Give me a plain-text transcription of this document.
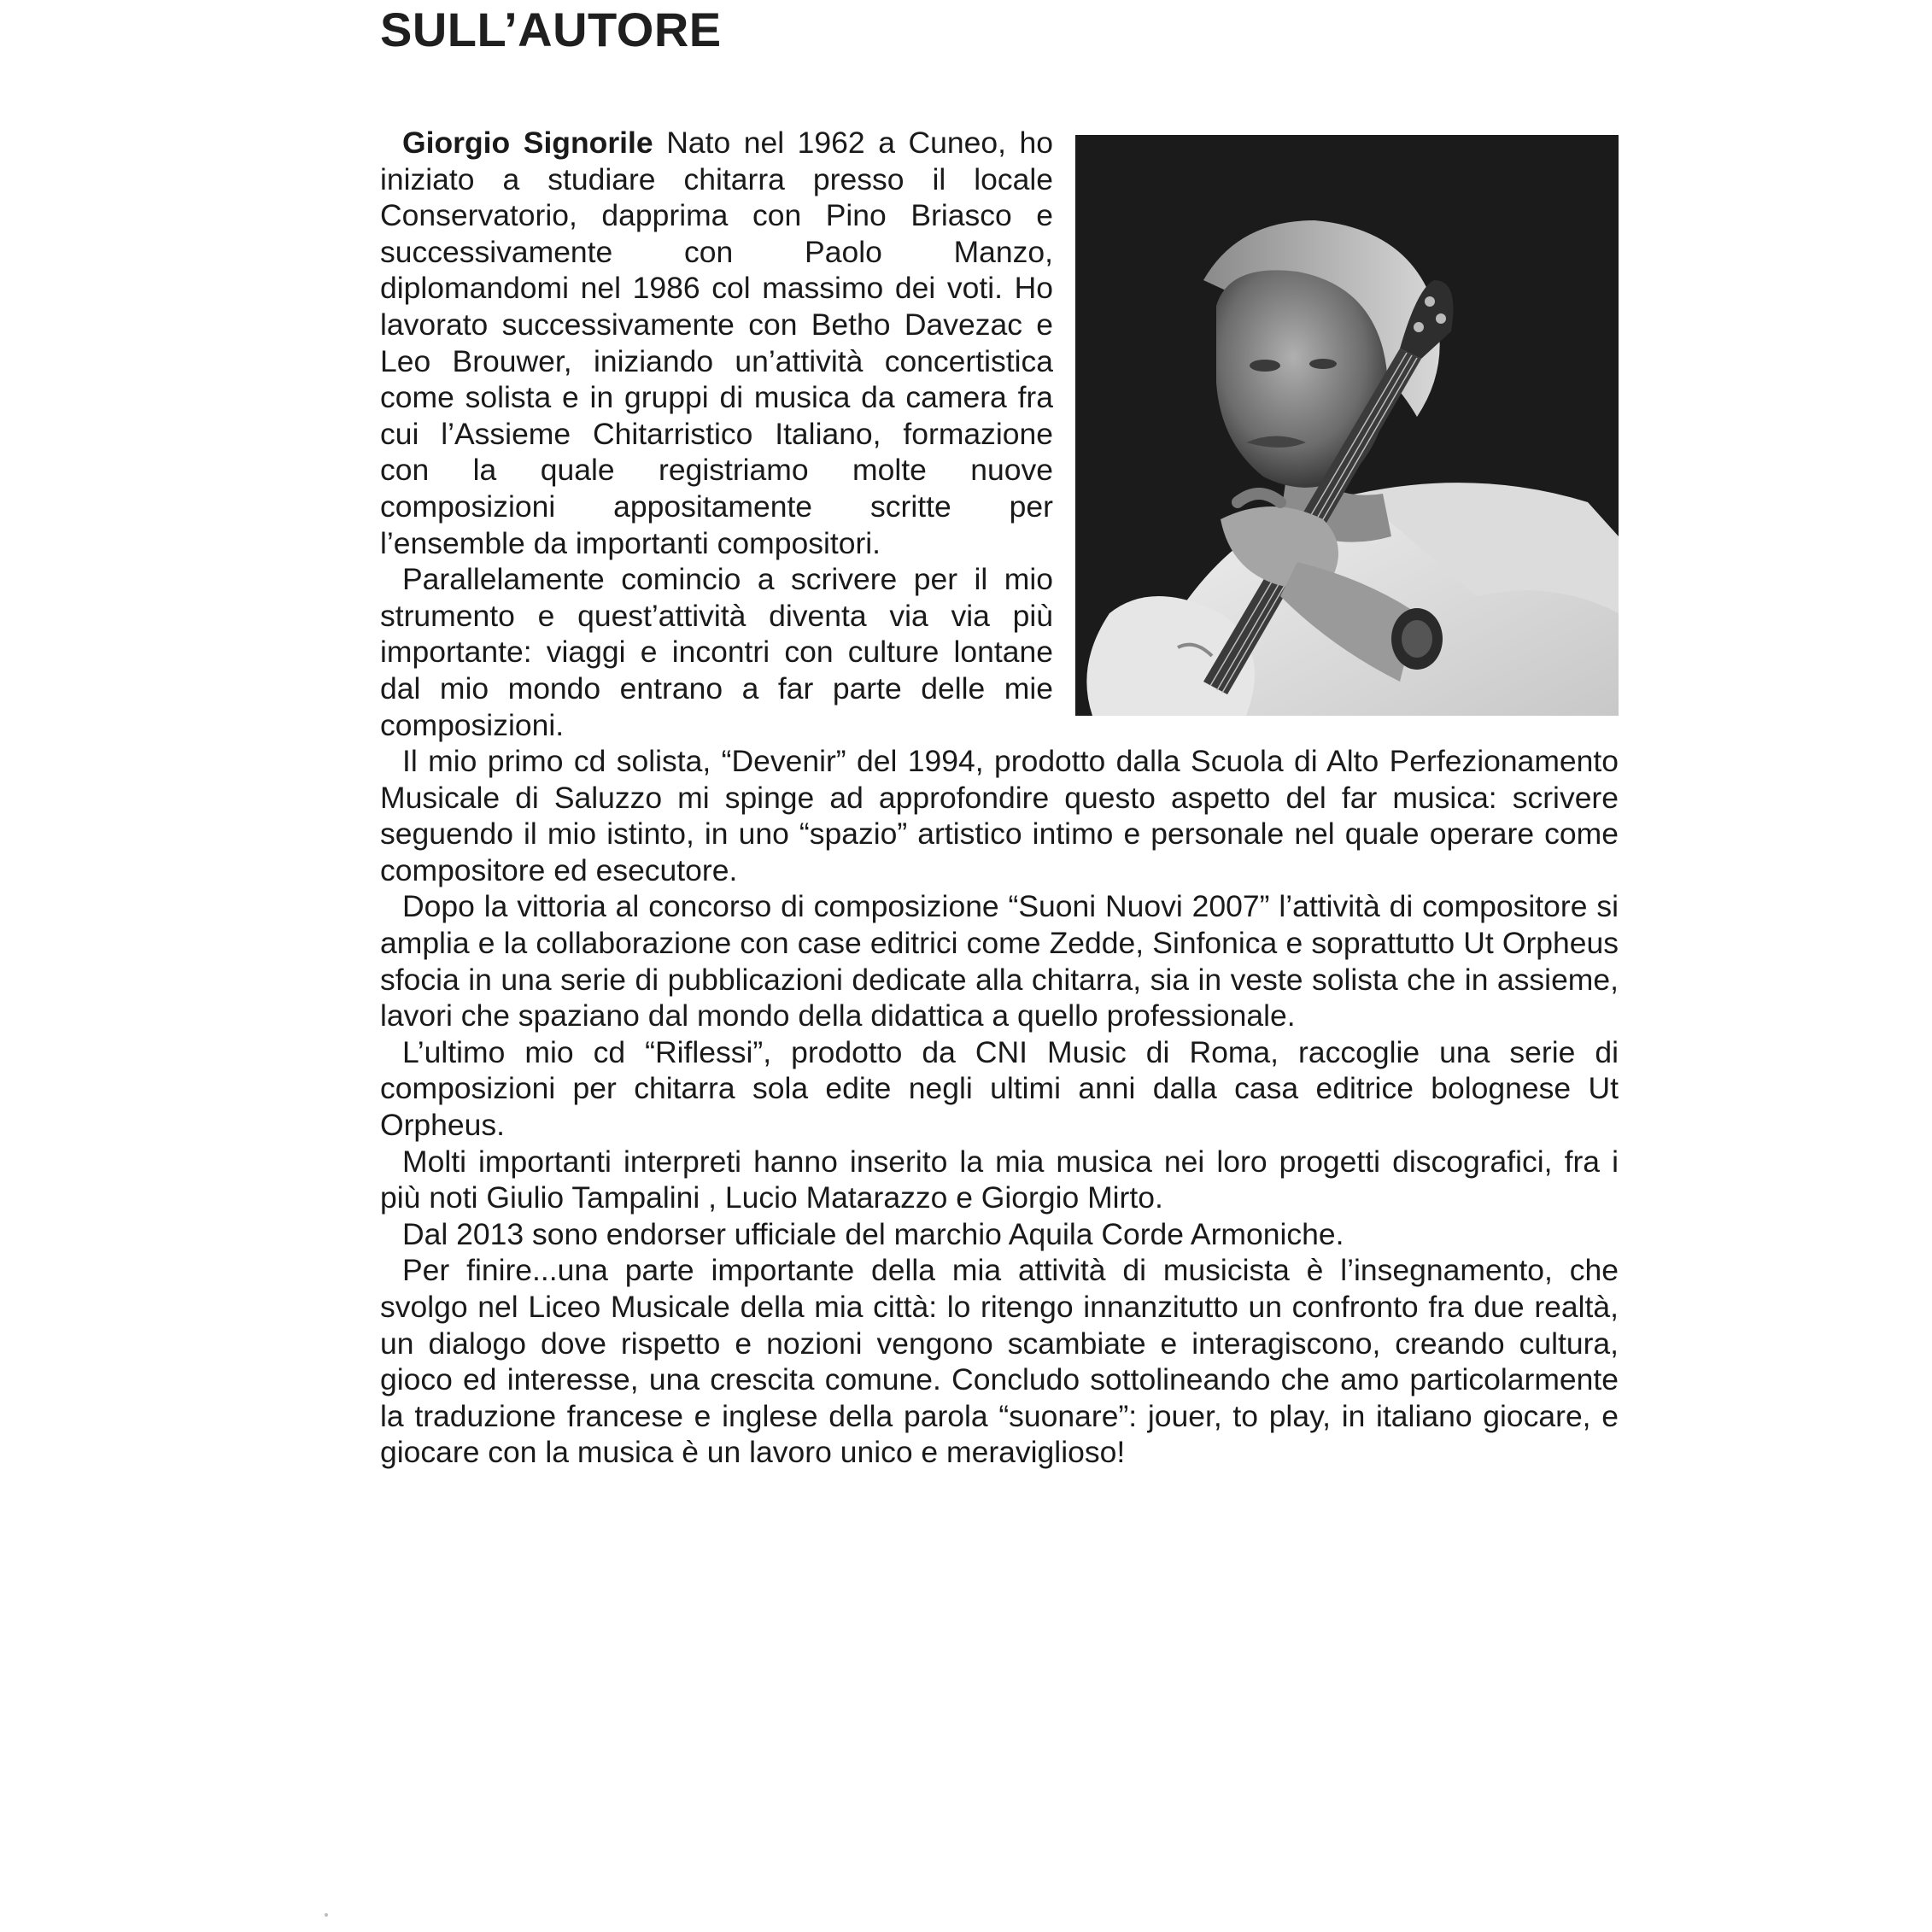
SULL’AUTORE

Giorgio Signorile Nato nel 1962 a Cuneo, ho iniziato a studiare chitarra presso il locale Conservatorio, dapprima con Pino Briasco e successivamente con Paolo Manzo, diplomandomi nel 1986 col massimo dei voti. Ho lavorato successivamente con Betho Davezac e Leo Brouwer, iniziando un’attività concertistica come solista e in gruppi di musica da camera fra cui l’Assieme Chitarristico Italiano, formazione con la quale registriamo molte nuove composizioni appositamente scritte per l’ensemble da importanti compositori.

Parallelamente comincio a scrivere per il mio strumento e quest’attività diventa via via più importante: viaggi e incontri con culture lontane dal mio mondo entrano a far parte delle mie composizioni.

Il mio primo cd solista, “Devenir” del 1994, prodotto dalla Scuola di Alto Perfezionamento Musicale di Saluzzo mi spinge ad approfondire questo aspetto del far musica: scrivere seguendo il mio istinto, in uno “spazio” artistico intimo e personale nel quale operare come compositore ed esecutore.

Dopo la vittoria al concorso di composizione “Suoni Nuovi 2007” l’attività di compositore si amplia e la collaborazione con case editrici come Zedde, Sinfonica e soprattutto Ut Orpheus sfocia in una serie di pubblicazioni dedicate alla chitarra, sia in veste solista che in assieme, lavori che spaziano dal mondo della didattica a quello professionale.

L’ultimo mio cd “Riflessi”, prodotto da CNI Music di Roma, raccoglie una serie di composizioni per chitarra sola edite negli ultimi anni dalla casa editrice bolognese Ut Orpheus.

Molti importanti interpreti hanno inserito la mia musica nei loro progetti discografici, fra i più noti Giulio Tampalini , Lucio Matarazzo e Giorgio Mirto.

Dal 2013 sono endorser ufficiale del marchio Aquila Corde Armoniche.

Per finire...una parte importante della mia attività di musicista è l’insegnamento, che svolgo nel Liceo Musicale della mia città: lo ritengo innanzitutto un confronto fra due realtà, un dialogo dove rispetto e nozioni vengono scambiate e interagiscono, creando cultura, gioco ed interesse, una crescita comune. Concludo sottolineando che amo particolarmente la traduzione francese e inglese della parola “suonare”: jouer, to play, in italiano giocare, e giocare con la musica è un lavoro unico e meraviglioso!
